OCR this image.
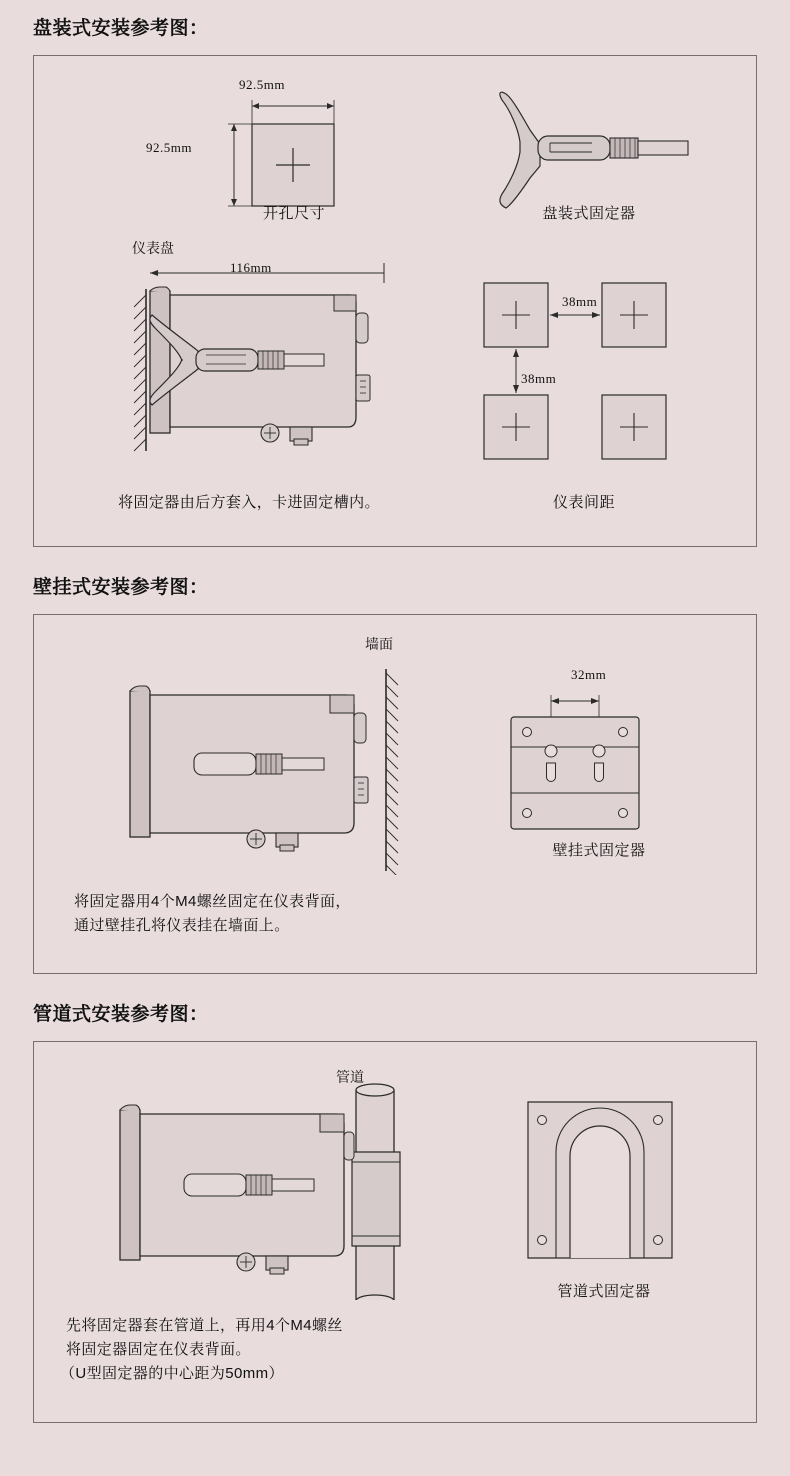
盘装式安装参考图：
92.5mm
92.5mm
开孔尺寸	盘装式固定器
仪表盘
116mm
将固定器由后方套入，卡进固定槽内。
38mm
38mm
仪表间距
壁挂式安装参考图：
墙面
将固定器用4个M4螺丝固定在仪表背面，
通过壁挂孔将仪表挂在墙面上。
32mm
壁挂式固定器
管道式安装参考图：
管道
先将固定器套在管道上，再用4个M4螺丝
将固定器固定在仪表背面。
（U型固定器的中心距为50mm）
管道式固定器
